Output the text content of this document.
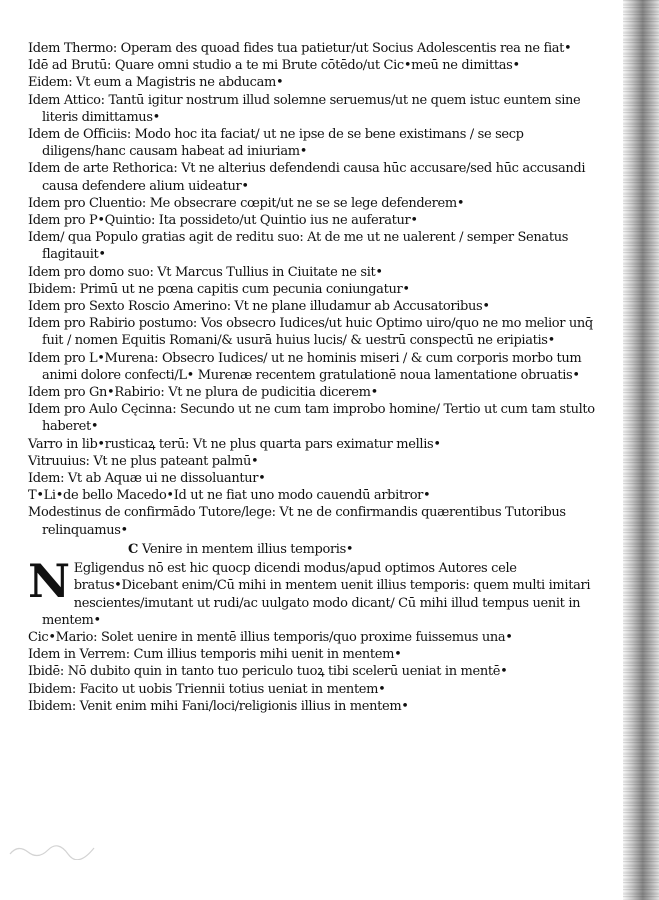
Idem Thermo: Operam des quoad fides tua patietur/ut Socius Adolescentis rea ne fiat•

Idē ad Brutū: Quare omni studio a te mi Brute cōtēdo/ut Cic•meū ne dimittas•

Eidem: Vt eum a Magistris ne abducam•

Idem Attico: Tantū igitur nostrum illud solemne seruemus/ut ne quem istuc euntem sine literis dimittamus•

Idem de Officiis: Modo hoc ita faciat/ ut ne ipse de se bene existimans / se secp diligens/hanc causam habeat ad iniuriam•

Idem de arte Rethorica: Vt ne alterius defendendi causa hūc accusare/sed hūc accusandi causa defendere alium uideatur•

Idem pro Cluentio: Me obsecrare cœpit/ut ne se se lege defenderem•

Idem pro P•Quintio: Ita possideto/ut Quintio ius ne auferatur•

Idem/ qua Populo gratias agit de reditu suo: At de me ut ne ualerent / semper Senatus flagitauit•

Idem pro domo suo: Vt Marcus Tullius in Ciuitate ne sit•

Ibidem: Primū ut ne pœna capitis cum pecunia coniungatur•

Idem pro Sexto Roscio Amerino: Vt ne plane illudamur ab Accusatoribus•

Idem pro Rabirio postumo: Vos obsecro Iudices/ut huic Optimo uiro/quo ne mo melior unq̄ fuit / nomen Equitis Romani/& usurā huius lucis/ & uestrū conspectū ne eripiatis•

Idem pro L•Murena: Obsecro Iudices/ ut ne hominis miseri / & cum corporis morbo tum animi dolore confecti/L• Murenæ recentem gratulationē noua lamentatione obruatis•

Idem pro Gn•Rabirio: Vt ne plura de pudicitia dicerem•

Idem pro Aulo Cęcinna: Secundo ut ne cum tam improbo homine/ Tertio ut cum tam stulto haberet•

Varro in lib•rusticaꝝ terū: Vt ne plus quarta pars eximatur mellis•

Vitruuius: Vt ne plus pateant palmū•

Idem: Vt ab Aquæ ui ne dissoluantur•

T•Li•de bello Macedo•Id ut ne fiat uno modo cauendū arbitror•

Modestinus de confirmādo Tutore/lege: Vt ne de confirmandis quærentibus Tutoribus relinquamus•

C Venire in mentem illius temporis•

N Egligendus nō est hic quocp dicendi modus/apud optimos Autores cele bratus•Dicebant enim/Cū mihi in mentem uenit illius temporis: quem multi imitari nescientes/imutant ut rudi/ac uulgato modo dicant/ Cū mihi illud tempus uenit in mentem•

Cic•Mario: Solet uenire in mentē illius temporis/quo proxime fuissemus una•

Idem in Verrem: Cum illius temporis mihi uenit in mentem•

Ibidē: Nō dubito quin in tanto tuo periculo tuoꝝ tibi scelerū ueniat in mentē•

Ibidem: Facito ut uobis Triennii totius ueniat in mentem•

Ibidem: Venit enim mihi Fani/loci/religionis illius in mentem•
